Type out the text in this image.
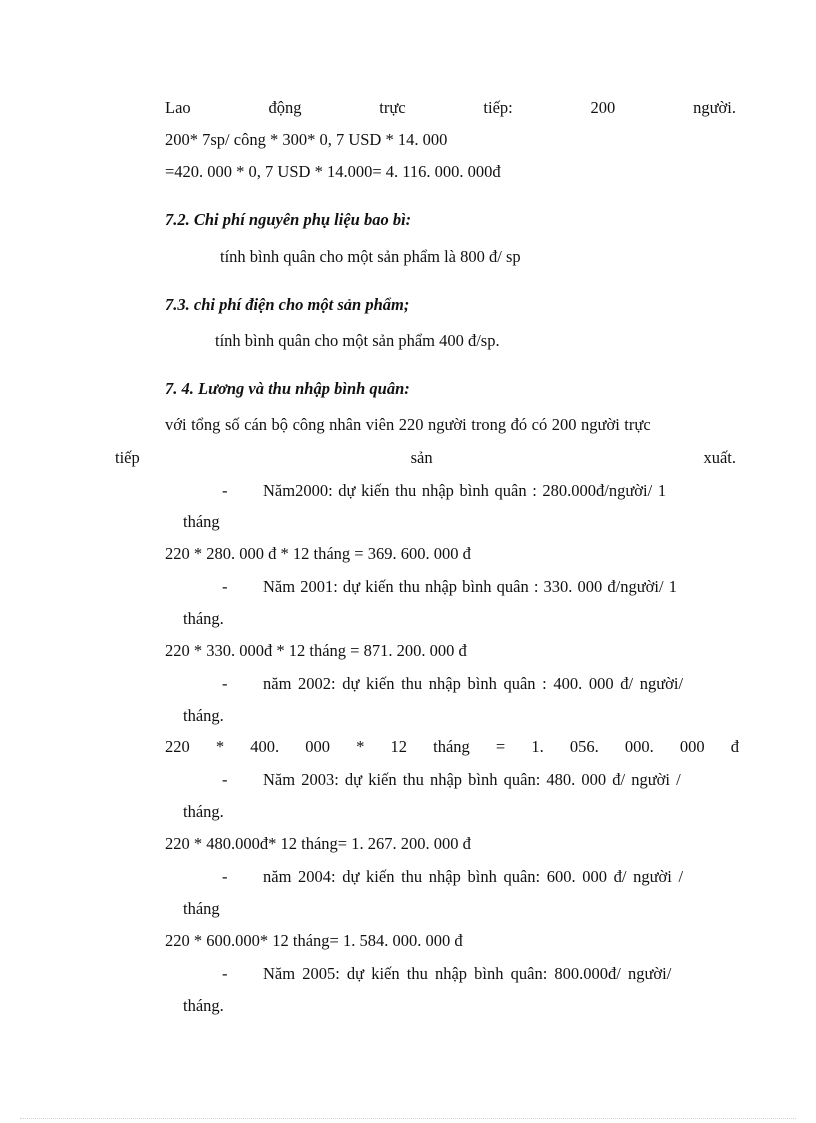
Lao	động	trực	tiếp:	200	người.
200* 7sp/ công * 300* 0, 7 USD * 14. 000
=420. 000 * 0, 7 USD * 14.000= 4. 116. 000. 000đ
7.2. Chi phí nguyên phụ liệu bao bì:
tính bình quân cho một sản phẩm là 800 đ/ sp
7.3. chi phí điện cho một sản phẩm;
tính bình quân cho một sản phẩm 400 đ/sp.
7. 4. Lương và thu nhập bình quân:
với tổng số cán bộ công nhân viên 220 người trong đó có 200 người trực
tiếp	sản	xuất.
- Năm2000: dự kiến thu nhập bình quân : 280.000đ/người/ 1
tháng
220 * 280. 000 đ * 12 tháng = 369. 600. 000 đ
- Năm 2001: dự kiến thu nhập bình quân : 330. 000 đ/người/ 1
tháng.
220 * 330. 000đ * 12 tháng = 871. 200. 000 đ
- năm 2002: dự kiến thu nhập bình quân : 400. 000 đ/ người/
tháng.
220 * 400. 000 * 12 tháng = 1. 056. 000. 000 đ
- Năm 2003: dự kiến thu nhập bình quân: 480. 000 đ/ người /
tháng.
220 * 480.000đ* 12 tháng= 1. 267. 200. 000 đ
- năm 2004: dự kiến thu nhập bình quân: 600. 000 đ/ người /
tháng
220 * 600.000* 12 tháng= 1. 584. 000. 000 đ
- Năm 2005: dự kiến thu nhập bình quân: 800.000đ/ người/
tháng.
